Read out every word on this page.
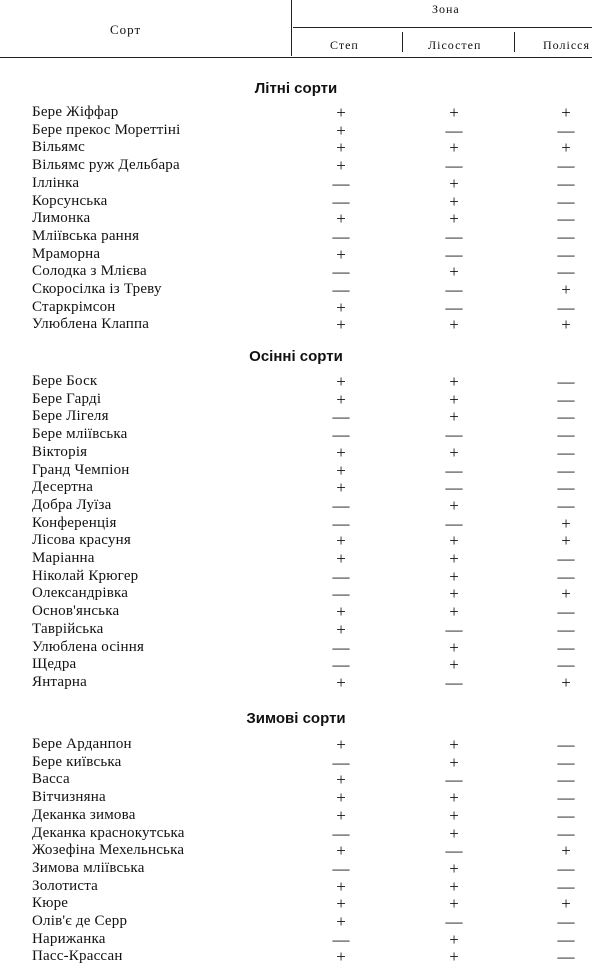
Сорт
Зона
Степ	Лісостеп	Полісся
Літні сорти
Бере Жіффар	+	+	+
Бере прекос Мореттіні	+	—	—
Вільямс	+	+	+
Вільямс руж Дельбара	+	—	—
Іллінка	—	+	—
Корсунська	—	+	—
Лимонка	+	+	—
Мліївська рання	—	—	—
Мраморна	+	—	—
Солодка з Млієва	—	+	—
Скоросілка із Треву	—	—	+
Старкрімсон	+	—	—
Улюблена Клаппа	+	+	+
Осінні сорти
Бере Боск	+	+	—
Бере Гарді	+	+	—
Бере Лігеля	—	+	—
Бере мліївська	—	—	—
Вікторія	+	+	—
Гранд Чемпіон	+	—	—
Десертна	+	—	—
Добра Луїза	—	+	—
Конференція	—	—	+
Лісова красуня	+	+	+
Маріанна	+	+	—
Ніколай Крюгер	—	+	—
Олександрівка	—	+	+
Основ'янська	+	+	—
Таврійська	+	—	—
Улюблена осіння	—	+	—
Щедра	—	+	—
Янтарна	+	—	+
Зимові сорти
Бере Арданпон	+	+	—
Бере київська	—	+	—
Васса	+	—	—
Вітчизняна	+	+	—
Деканка зимова	+	+	—
Деканка краснокутська	—	+	—
Жозефіна Мехельнська	+	—	+
Зимова мліївська	—	+	—
Золотиста	+	+	—
Кюре	+	+	+
Олів'є де Серр	+	—	—
Нарижанка	—	+	—
Пасс-Крассан	+	+	—
